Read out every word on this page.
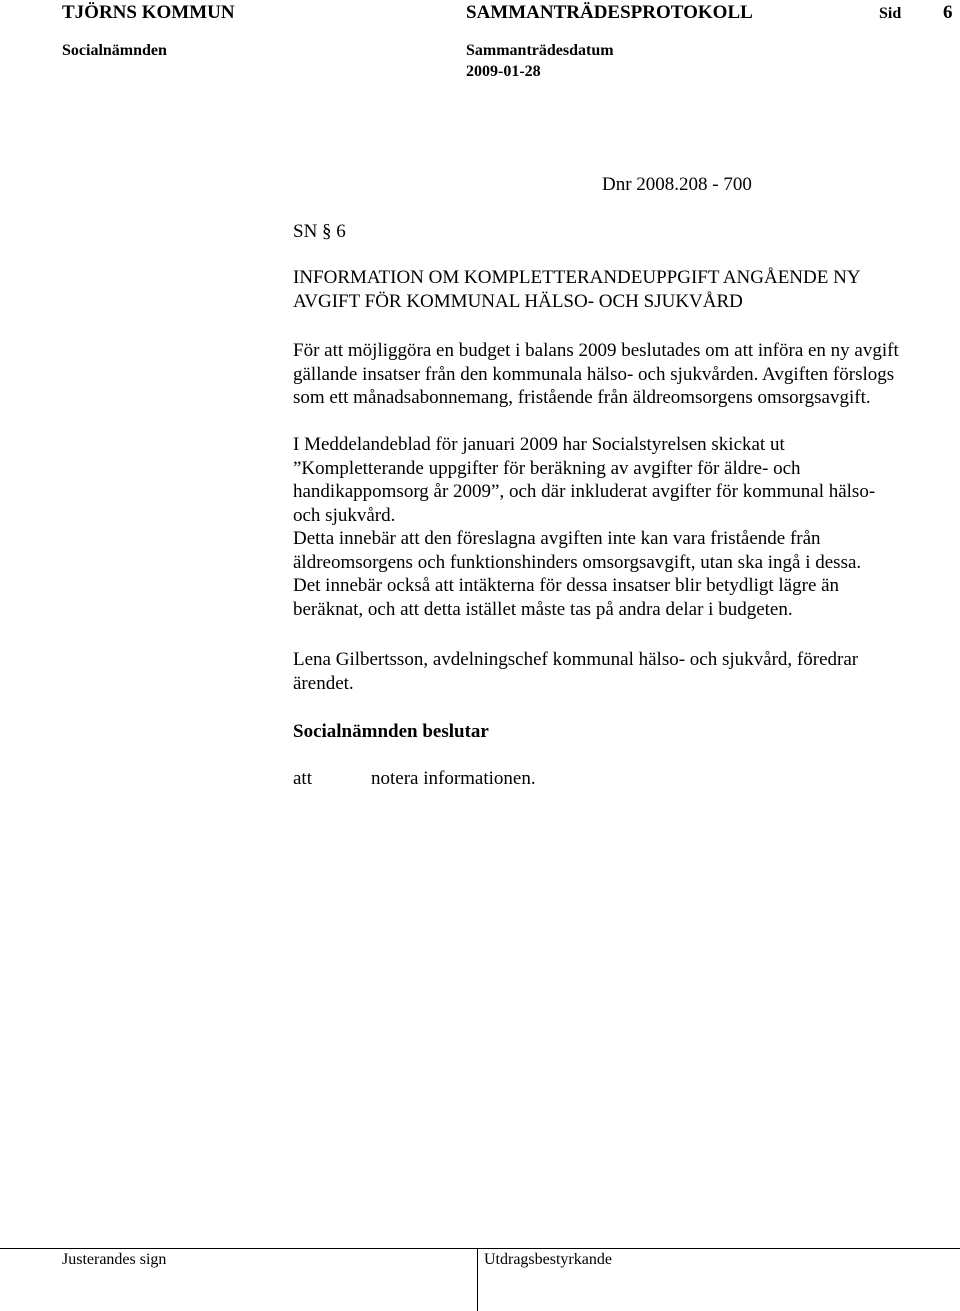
TJÖRNS KOMMUN	SAMMANTRÄDESPROTOKOLL	Sid 6
Socialnämnden	Sammanträdesdatum
2009-01-28
Dnr 2008.208 - 700
SN § 6
INFORMATION OM KOMPLETTERANDEUPPGIFT ANGÅENDE NY
AVGIFT FÖR KOMMUNAL HÄLSO- OCH SJUKVÅRD
För att möjliggöra en budget i balans 2009 beslutades om att införa en ny avgift
gällande insatser från den kommunala hälso- och sjukvården. Avgiften förslogs
som ett månadsabonnemang, fristående från äldreomsorgens omsorgsavgift.
I Meddelandeblad för januari 2009 har Socialstyrelsen skickat ut
”Kompletterande uppgifter för beräkning av avgifter för äldre- och
handikappomsorg år 2009”, och där inkluderat avgifter för kommunal hälso-
och sjukvård.
Detta innebär att den föreslagna avgiften inte kan vara fristående från
äldreomsorgens och funktionshinders omsorgsavgift, utan ska ingå i dessa.
Det innebär också att intäkterna för dessa insatser blir betydligt lägre än
beräknat, och att detta istället måste tas på andra delar i budgeten.
Lena Gilbertsson, avdelningschef kommunal hälso- och sjukvård, föredrar
ärendet.
Socialnämnden beslutar
att	notera informationen.
Justerandes sign	Utdragsbestyrkande
